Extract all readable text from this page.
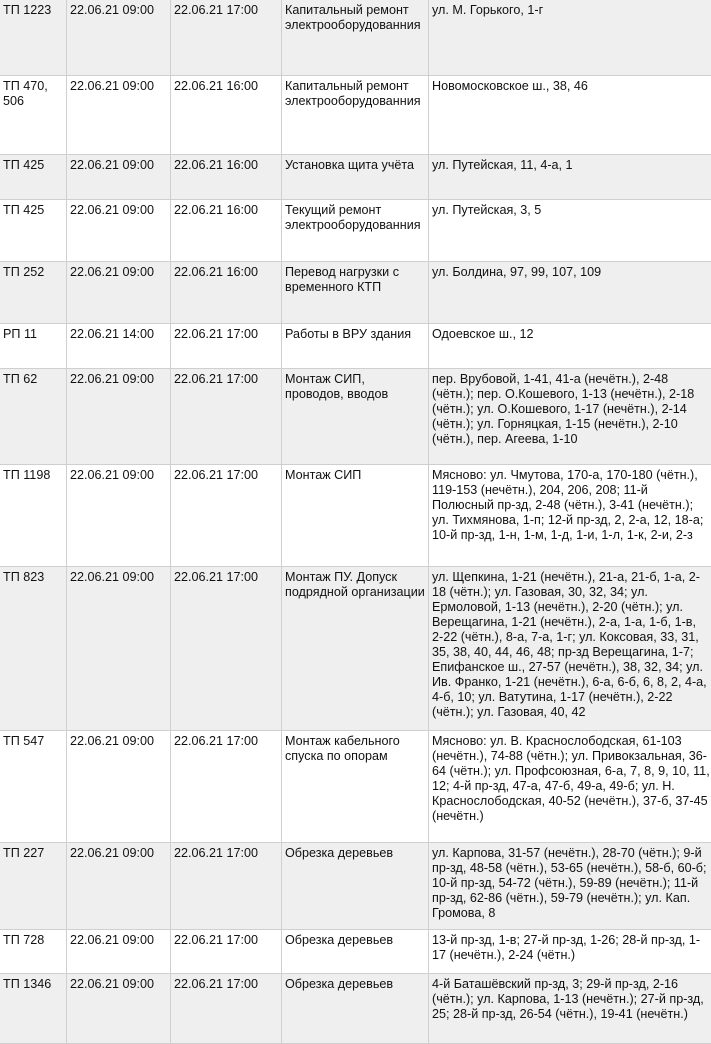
ТП 1223	22.06.21 09:00	22.06.21 17:00	Капитальный ремонт электрооборудованния	ул. М. Горького, 1-г
ТП 470, 506	22.06.21 09:00	22.06.21 16:00	Капитальный ремонт электрооборудованния	Новомосковское ш., 38, 46
ТП 425	22.06.21 09:00	22.06.21 16:00	Установка щита учёта	ул. Путейская, 11, 4-а, 1
ТП 425	22.06.21 09:00	22.06.21 16:00	Текущий ремонт электрооборудованния	ул. Путейская, 3, 5
ТП 252	22.06.21 09:00	22.06.21 16:00	Перевод нагрузки с временного КТП	ул. Болдина, 97, 99, 107, 109
РП 11	22.06.21 14:00	22.06.21 17:00	Работы в ВРУ здания	Одоевское ш., 12
ТП 62	22.06.21 09:00	22.06.21 17:00	Монтаж СИП, проводов, вводов	пер. Врубовой, 1-41, 41-а (нечётн.), 2-48 (чётн.); пер. О.Кошевого, 1-13 (нечётн.), 2-18 (чётн.); ул. О.Кошевого, 1-17 (нечётн.), 2-14 (чётн.); ул. Горняцкая, 1-15 (нечётн.), 2-10 (чётн.), пер. Агеева, 1-10
ТП 1198	22.06.21 09:00	22.06.21 17:00	Монтаж СИП	Мясново: ул. Чмутова, 170-а, 170-180 (чётн.), 119-153 (нечётн.), 204, 206, 208; 11-й Полюсный пр-зд, 2-48 (чётн.), 3-41 (нечётн.); ул. Тихмянова, 1-п; 12-й пр-зд, 2, 2-а, 12, 18-а; 10-й пр-зд, 1-н, 1-м, 1-д, 1-и, 1-л, 1-к, 2-и, 2-з
ТП 823	22.06.21 09:00	22.06.21 17:00	Монтаж ПУ. Допуск подрядной организации	ул. Щепкина, 1-21 (нечётн.), 21-а, 21-б, 1-а, 2-18 (чётн.); ул. Газовая, 30, 32, 34; ул. Ермоловой, 1-13 (нечётн.), 2-20 (чётн.); ул. Верещагина, 1-21 (нечётн.), 2-а, 1-а, 1-б, 1-в, 2-22 (чётн.), 8-а, 7-а, 1-г; ул. Коксовая, 33, 31, 35, 38, 40, 44, 46, 48; пр-зд Верещагина, 1-7; Епифанское ш., 27-57 (нечётн.), 38, 32, 34; ул. Ив. Франко, 1-21 (нечётн.), 6-а, 6-б, 6, 8, 2, 4-а, 4-б, 10; ул. Ватутина, 1-17 (нечётн.), 2-22 (чётн.); ул. Газовая, 40, 42
ТП 547	22.06.21 09:00	22.06.21 17:00	Монтаж кабельного спуска по опорам	Мясново: ул. В. Краснослободская, 61-103 (нечётн.), 74-88 (чётн.); ул. Привокзальная, 36-64 (чётн.); ул. Профсоюзная, 6-а, 7, 8, 9, 10, 11, 12; 4-й пр-зд, 47-а, 47-б, 49-а, 49-б; ул. Н. Краснослободская, 40-52 (нечётн.), 37-б, 37-45 (нечётн.)
ТП 227	22.06.21 09:00	22.06.21 17:00	Обрезка деревьев	ул. Карпова, 31-57 (нечётн.), 28-70 (чётн.); 9-й пр-зд, 48-58 (чётн.), 53-65 (нечётн.), 58-б, 60-б; 10-й пр-зд, 54-72 (чётн.), 59-89 (нечётн.); 11-й пр-зд, 62-86 (чётн.), 59-79 (нечётн.); ул. Кап. Громова, 8
ТП 728	22.06.21 09:00	22.06.21 17:00	Обрезка деревьев	13-й пр-зд, 1-в; 27-й пр-зд, 1-26; 28-й пр-зд, 1-17 (нечётн.), 2-24 (чётн.)
ТП 1346	22.06.21 09:00	22.06.21 17:00	Обрезка деревьев	4-й Баташёвский пр-зд, 3; 29-й пр-зд, 2-16 (чётн.); ул. Карпова, 1-13 (нечётн.); 27-й пр-зд, 25; 28-й пр-зд, 26-54 (чётн.), 19-41 (нечётн.)
